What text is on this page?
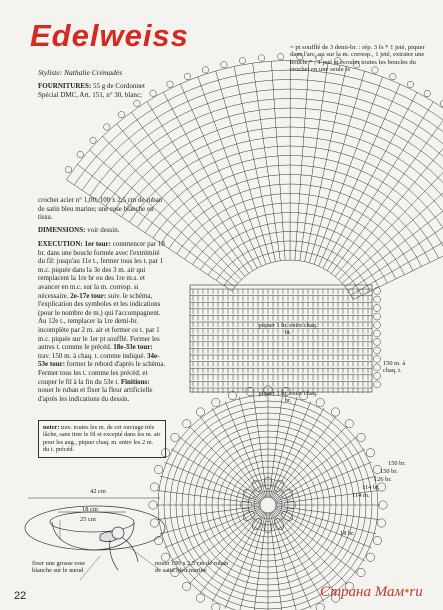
Edelweiss
Styliste: Nathalie Crémadès
FOURNITURES: 55 g de Cordonnet Spécial DMC, Art. 151, n° 30, blanc;
crochet acier n° 1,00; 100 x 2,5 cm de ruban de satin bleu marine; une rose blanche en tissu.
DIMENSIONS: voir dessin.
EXECUTION: 1er tour: commencer par 18 br. dans une boucle formée avec l'extrémité du fil: jusqu'au 11e t., fermer tous les t. par 1 m.c. piquée dans la 3e des 3 m. air qui remplacent la 1re br ou des 1re m.s. et avancer en m.c. sur la m. corresp. si nécessaire. 2e-17e tour: suiv. le schéma, l'explication des symboles et les indications (pour le nombre de m.) qui l'accompagnent. Au 12e t., remplacer la 1re demi-br. incomplète par 2 m. air et fermer ce t. par 1 m.c. piquée sur le 1er pt soufflé. Fermer les autres t. comme le précéd. 18e-33e tour: trav. 150 m. à chaq. t. comme indiqué. 34e-53e tour: former le rebord d'après le schéma. Fermer tous les t. comme les précéd. et couper le fil à la fin du 53e t. Finitions: nouer le ruban et fixer la fleur artificielle d'après les indications du dessin.
noter: trav. toutes les m. de cet ouvrage très lâche, sans tirer le fil et excepté dans les m. air pour les aug., piquer chaq. m. entre les 2 m. du t. précéd.
= pt soufflé de 3 demi-br. : rép. 3 fs * 1 jeté, piquer dans l'arc, ou sur la m. corresp., 1 jeté, extraire une boucle * ; 1 jeté et écouler toutes les boucles du crochet en une seule fs
150 m. à chaq. t.
piquer 1 br. entre chaq. br.
piquer 1 br. entre chaq. br.
42 cm
18 cm
25 cm
fixer une grosse rose blanche sur le nœud
nouer 100 x 2,5 cm de ruban de satin bleu marine
150 br.
150 br.
126 br.
114 br.
114 m.
18 br.
22	Страна Мам•ru
